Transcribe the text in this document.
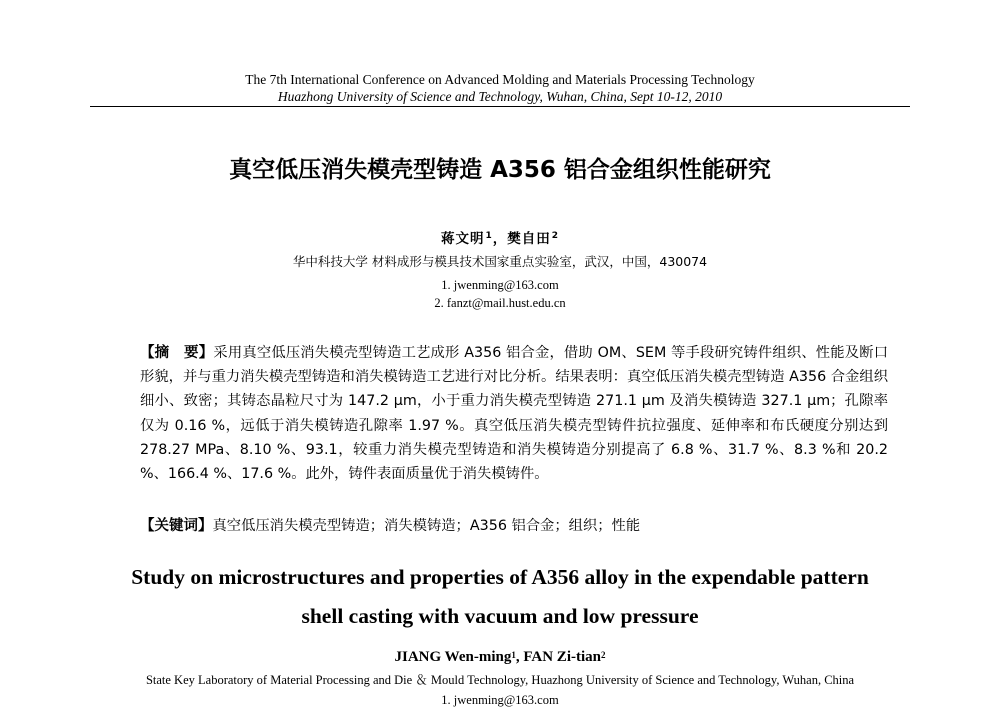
The 7th International Conference on Advanced Molding and Materials Processing Technology
Huazhong University of Science and Technology, Wuhan, China, Sept 10-12, 2010
真空低压消失模壳型铸造 A356 铝合金组织性能研究
蒋文明$^1$，樊自田$^2$
华中科技大学 材料成形与模具技术国家重点实验室，武汉，中国，430074
1. jwenming@163.com
2. fanzt@mail.hust.edu.cn
【摘　要】采用真空低压消失模壳型铸造工艺成形 A356 铝合金，借助 OM、SEM 等手段研究铸件组织、性能及断口形貌，并与重力消失模壳型铸造和消失模铸造工艺进行对比分析。结果表明：真空低压消失模壳型铸造 A356 合金组织细小、致密；其铸态晶粒尺寸为 147.2 μm，小于重力消失模壳型铸造 271.1 μm 及消失模铸造 327.1 μm；孔隙率仅为 0.16 %，远低于消失模铸造孔隙率 1.97 %。真空低压消失模壳型铸件抗拉强度、延伸率和布氏硬度分别达到 278.27 MPa、8.10 %、93.1，较重力消失模壳型铸造和消失模铸造分别提高了 6.8 %、31.7 %、8.3 %和 20.2 %、166.4 %、17.6 %。此外，铸件表面质量优于消失模铸件。
【关键词】真空低压消失模壳型铸造；消失模铸造；A356 铝合金；组织；性能
Study on microstructures and properties of A356 alloy in the expendable pattern
shell casting with vacuum and low pressure
JIANG Wen-ming$^1$, FAN Zi-tian$^2$
State Key Laboratory of Material Processing and Die ＆ Mould Technology, Huazhong University of Science and Technology, Wuhan, China
1. jwenming@163.com
